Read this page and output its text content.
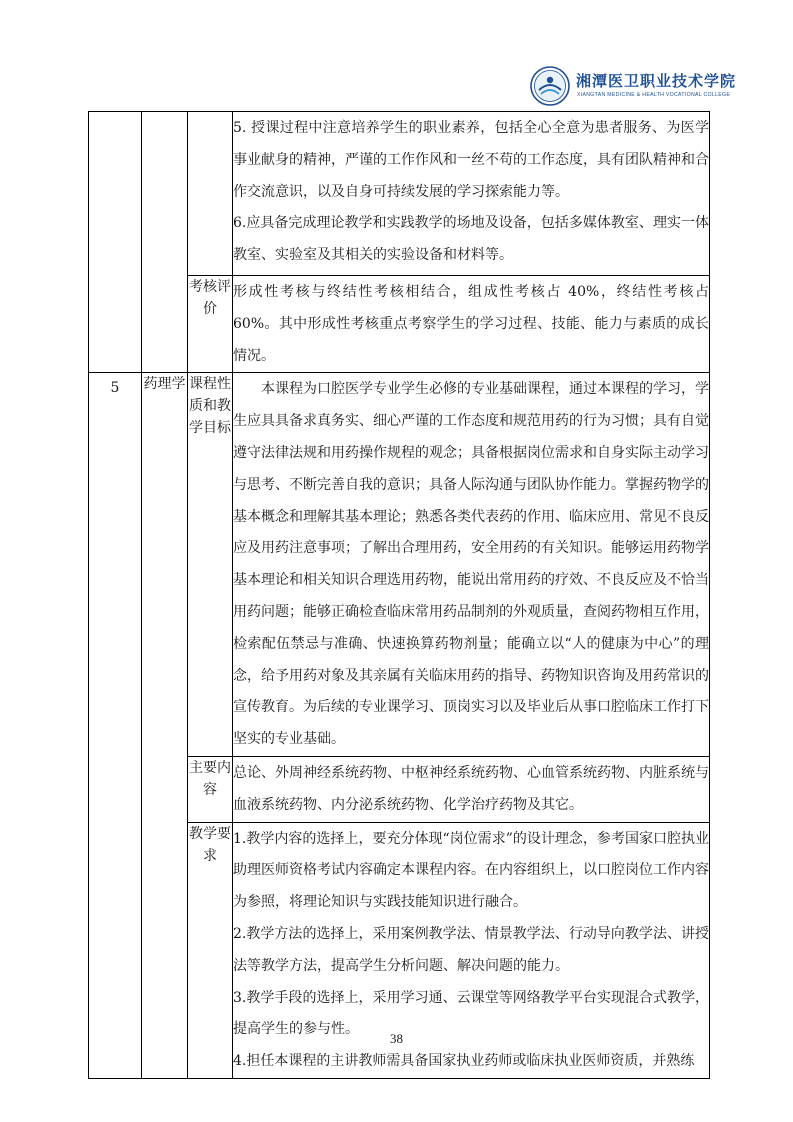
湘潭医卫职业技术学院
XIANGTAN MEDICINE & HEALTH VOCATIONAL COLLEGE

			5. 授课过程中注意培养学生的职业素养，包括全心全意为患者服务、为医学事业献身的精神，严谨的工作作风和一丝不苟的工作态度，具有团队精神和合作交流意识，以及自身可持续发展的学习探索能力等。

6.应具备完成理论教学和实践教学的场地及设备，包括多媒体教室、理实一体教室、实验室及其相关的实验设备和材料等。

		考核评价	形成性考核与终结性考核相结合，组成性考核占 40%，终结性考核占 60%。其中形成性考核重点考察学生的学习过程、技能、能力与素质的成长情况。
5	药理学	课程性质和教学目标	本课程为口腔医学专业学生必修的专业基础课程，通过本课程的学习，学生应具具备求真务实、细心严谨的工作态度和规范用药的行为习惯；具有自觉遵守法律法规和用药操作规程的观念；具备根据岗位需求和自身实际主动学习与思考、不断完善自我的意识；具备人际沟通与团队协作能力。掌握药物学的基本概念和理解其基本理论；熟悉各类代表药的作用、临床应用、常见不良反应及用药注意事项；了解出合理用药，安全用药的有关知识。能够运用药物学基本理论和相关知识合理选用药物，能说出常用药的疗效、不良反应及不恰当用药问题；能够正确检查临床常用药品制剂的外观质量，查阅药物相互作用，检索配伍禁忌与准确、快速换算药物剂量；能确立以“人的健康为中心”的理念，给予用药对象及其亲属有关临床用药的指导、药物知识咨询及用药常识的宣传教育。为后续的专业课学习、顶岗实习以及毕业后从事口腔临床工作打下坚实的专业基础。
		主要内容	总论、外周神经系统药物、中枢神经系统药物、心血管系统药物、内脏系统与血液系统药物、内分泌系统药物、化学治疗药物及其它。
		教学要求	1.教学内容的选择上，要充分体现“岗位需求”的设计理念，参考国家口腔执业助理医师资格考试内容确定本课程内容。在内容组织上，以口腔岗位工作内容为参照，将理论知识与实践技能知识进行融合。

2.教学方法的选择上，采用案例教学法、情景教学法、行动导向教学法、讲授法等教学方法，提高学生分析问题、解决问题的能力。

3.教学手段的选择上，采用学习通、云课堂等网络教学平台实现混合式教学，提高学生的参与性。

4.担任本课程的主讲教师需具备国家执业药师或临床执业医师资质，并熟练

38
